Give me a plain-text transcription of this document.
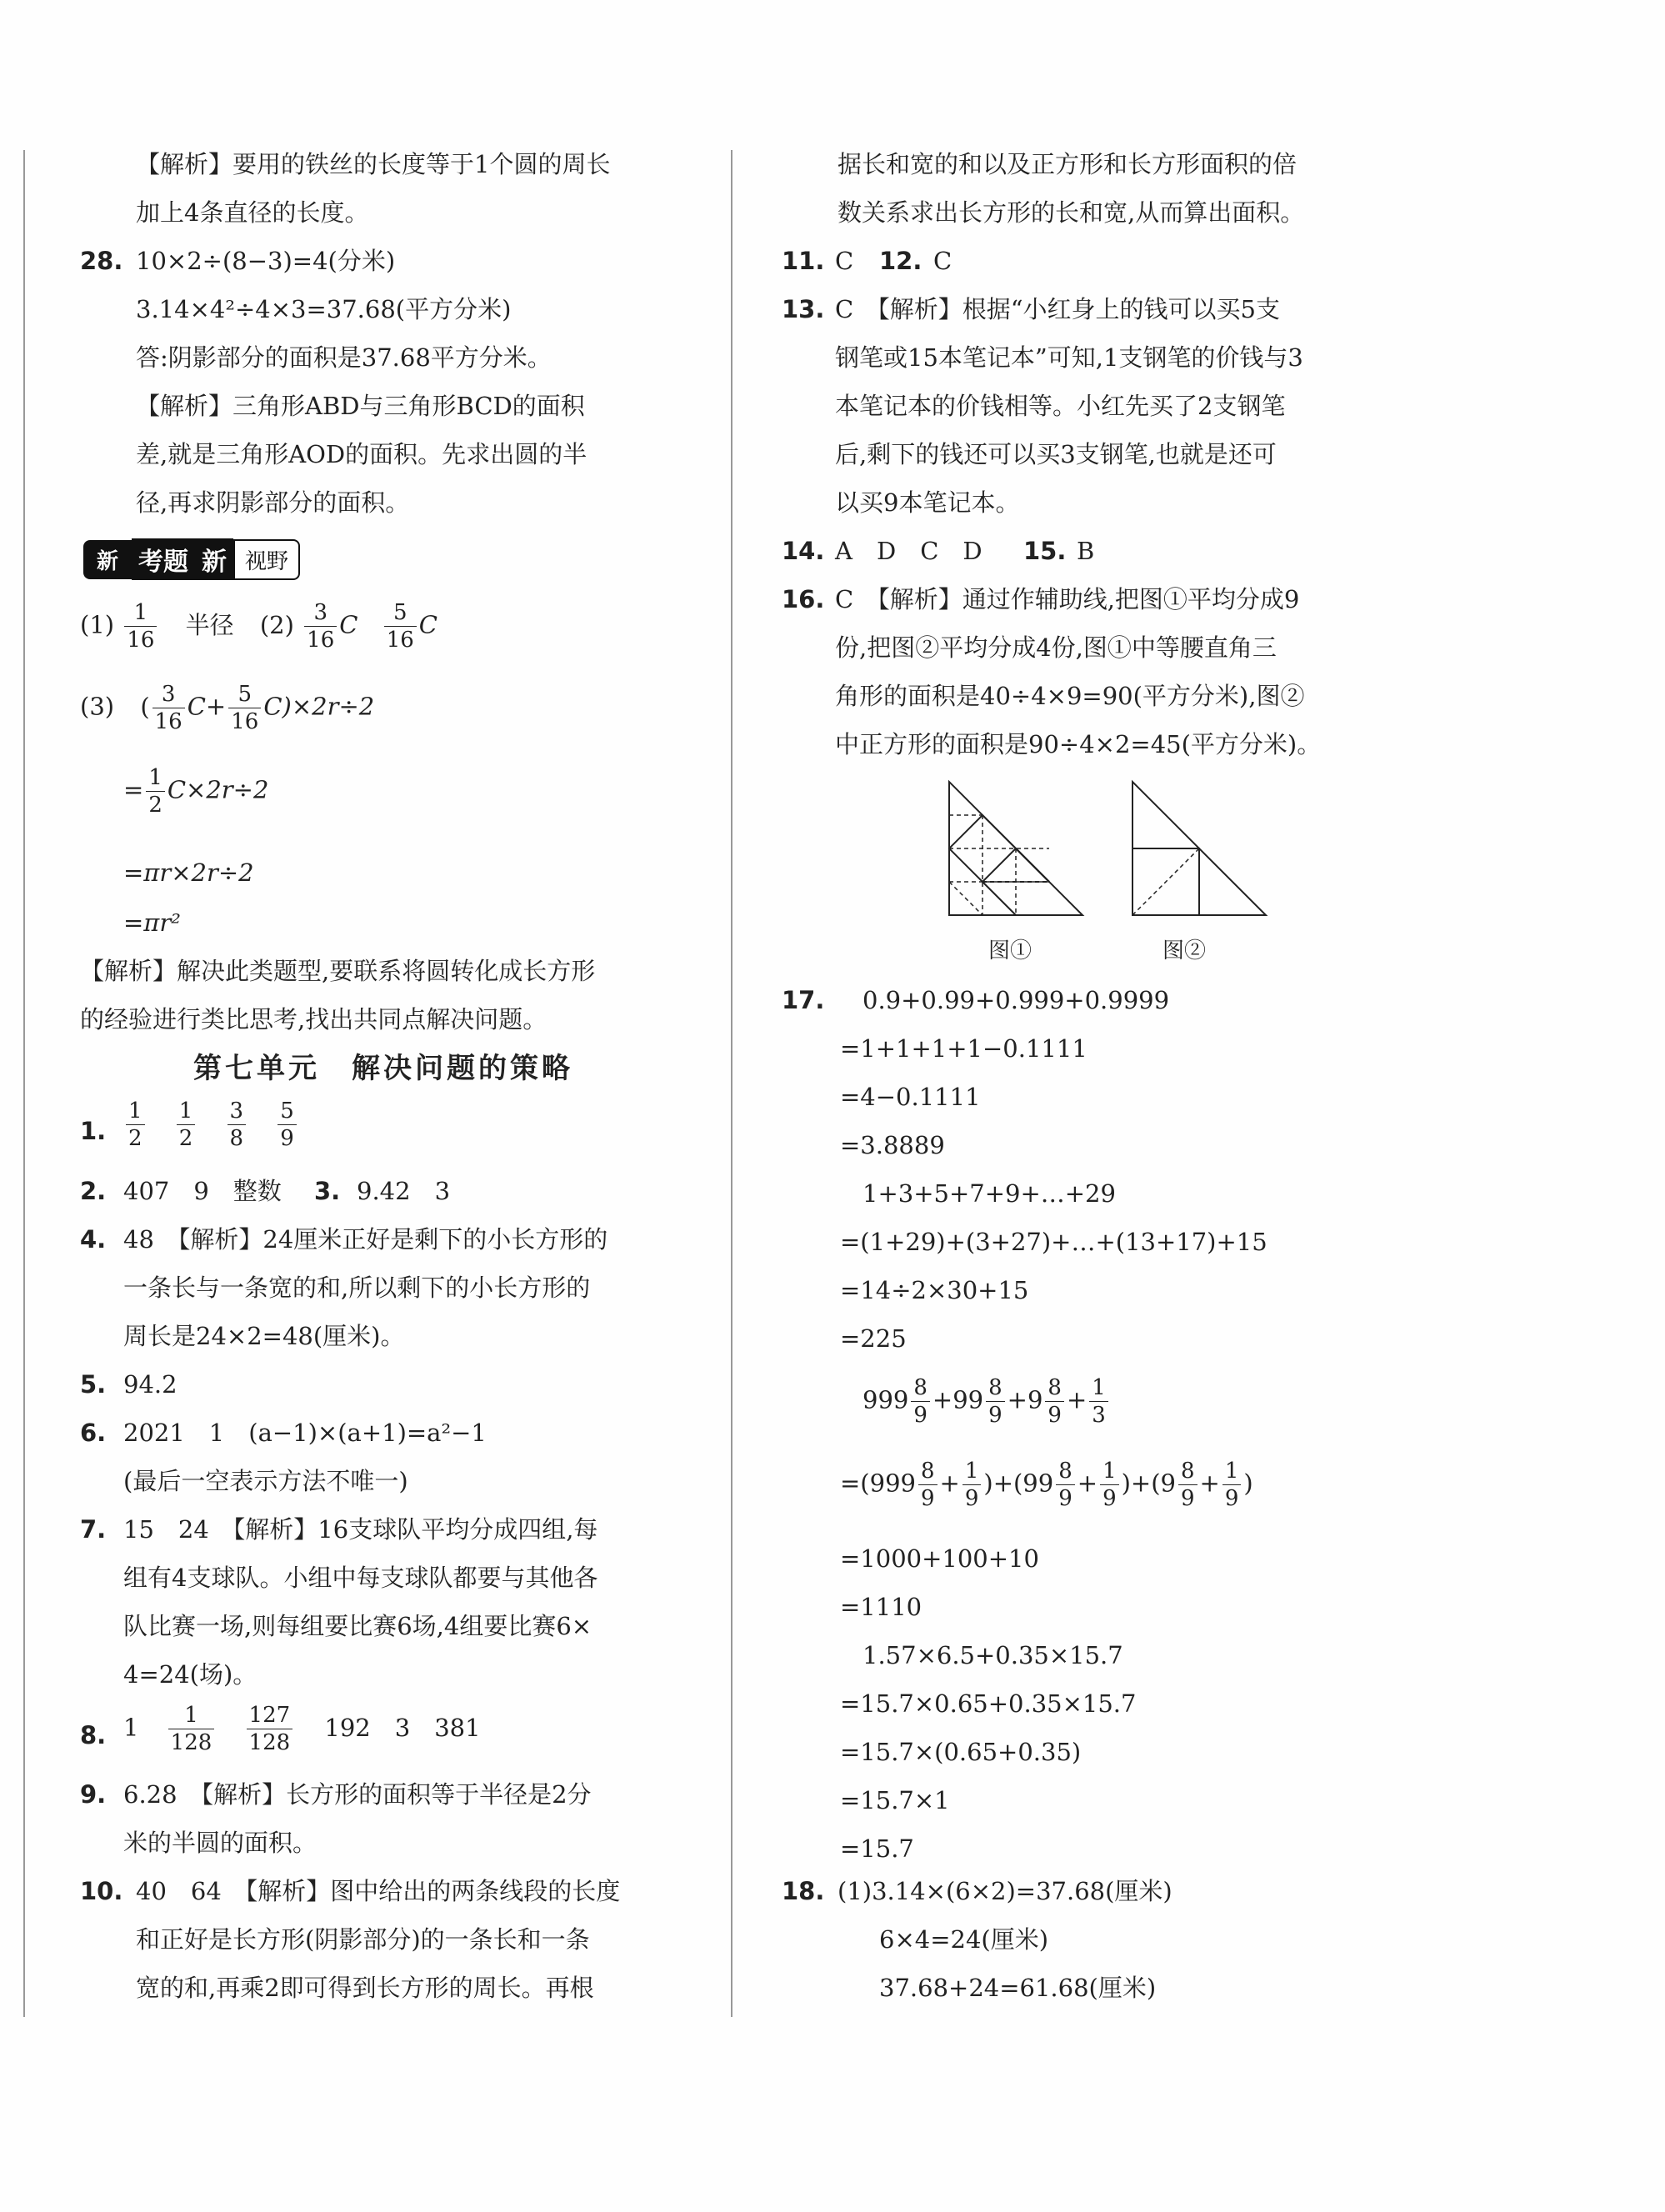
【解析】要用的铁丝的长度等于1个圆的周长
加上4条直径的长度。
28. 10×2÷(8−3)=4(分米)
3.14×4²÷4×3=37.68(平方分米)
答:阴影部分的面积是37.68平方分米。
【解析】三角形ABD与三角形BCD的面积
差,就是三角形AOD的面积。先求出圆的半
径,再求阴影部分的面积。
新 考题 新 视野
$(1) \frac{1}{16}$ 半径 $(2) \frac{3}{16}$ C $\frac{5}{16}$ C
(3) ( $\frac{3}{16} C+ \frac{5}{16} C)\times 2r\div 2$
= $\frac{1}{2} C\times 2r\div 2$
=πr×2r÷2
=πr²
【解析】解决此类题型,要联系将圆转化成长方形
的经验进行类比思考,找出共同点解决问题。
第七单元　解决问题的策略
1. $\frac{1}{2}$
$\frac{1}{2}$
$\frac{3}{8}$
$\frac{5}{9}$
2. 407　9　整数 3. 9.42　3
4. 48　【解析】24厘米正好是剩下的小长方形的
一条长与一条宽的和,所以剩下的小长方形的
周长是24×2=48(厘米)。
5. 94.2
6. 2021　1　(a−1)×(a+1)=a²−1
(最后一空表示方法不唯一)
7. 15　24　【解析】16支球队平均分成四组,每
组有4支球队。小组中每支球队都要与其他各
队比赛一场,则每组要比赛6场,4组要比赛6×
4=24(场)。
8. $1 \frac{1}{128}$
$\frac{127}{128} 192$　3　381
9. 6.28　【解析】长方形的面积等于半径是2分
米的半圆的面积。
10. 40　64　【解析】图中给出的两条线段的长度
和正好是长方形(阴影部分)的一条长和一条
宽的和,再乘2即可得到长方形的周长。再根
据长和宽的和以及正方形和长方形面积的倍
数关系求出长方形的长和宽,从而算出面积。
11. C 12. C
13. C　【解析】根据“小红身上的钱可以买5支
钢笔或15本笔记本”可知,1支钢笔的价钱与3
本笔记本的价钱相等。小红先买了2支钢笔
后,剩下的钱还可以买3支钢笔,也就是还可
以买9本笔记本。
14. A　D　C　D 15. B
16. C　【解析】通过作辅助线,把图①平均分成9
份,把图②平均分成4份,图①中等腰直角三
角形的面积是40÷4×9=90(平方分米),图②
中正方形的面积是90÷4×2=45(平方分米)。
图①	图②
17. 0.9+0.99+0.999+0.9999
=1+1+1+1−0.1111
=4−0.1111
=3.8889
1+3+5+7+9+…+29
=(1+29)+(3+27)+…+(13+17)+15
=14÷2×30+15
=225
$999 \frac{8}{9} +99 \frac{8}{9} +9 \frac{8}{9} + \frac{1}{3}$
$=(999 \frac{8}{9} + \frac{1}{9} )+(99 \frac{8}{9} + \frac{1}{9} )+(9 \frac{8}{9} + \frac{1}{9}$ )
=1000+100+10
=1110
1.57×6.5+0.35×15.7
=15.7×0.65+0.35×15.7
=15.7×(0.65+0.35)
=15.7×1
=15.7
18. (1)3.14×(6×2)=37.68(厘米)
6×4=24(厘米)
37.68+24=61.68(厘米)
